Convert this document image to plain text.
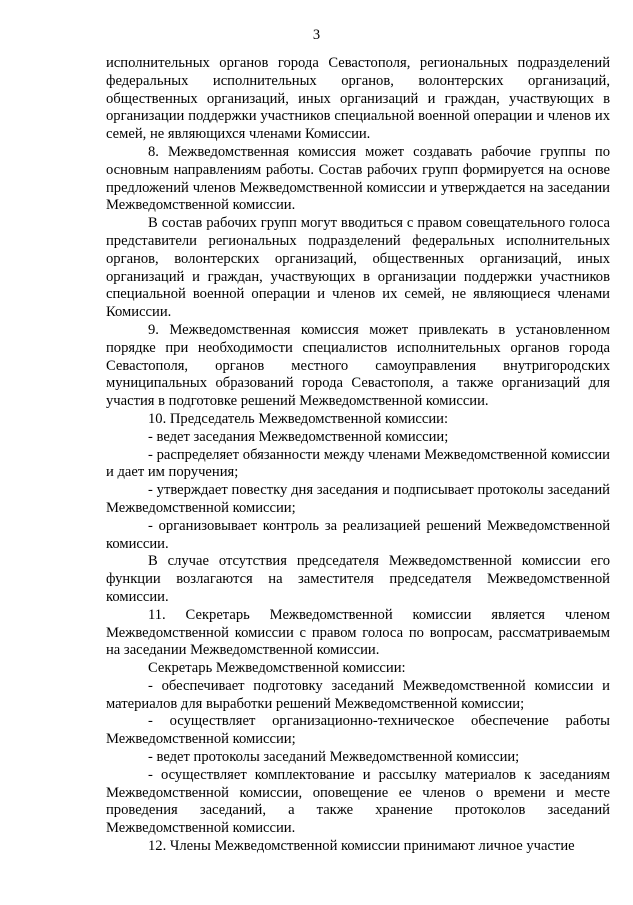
3

исполнительных органов города Севастополя, региональных подразделений федеральных исполнительных органов, волонтерских организаций, общественных организаций, иных организаций и граждан, участвующих в организации поддержки участников специальной военной операции и членов их семей, не являющихся членами Комиссии.

8. Межведомственная комиссия может создавать рабочие группы по основным направлениям работы. Состав рабочих групп формируется на основе предложений членов Межведомственной комиссии и утверждается на заседании Межведомственной комиссии.

В состав рабочих групп могут вводиться с правом совещательного голоса представители региональных подразделений федеральных исполнительных органов, волонтерских организаций, общественных организаций, иных организаций и граждан, участвующих в организации поддержки участников специальной военной операции и членов их семей, не являющиеся членами Комиссии.

9. Межведомственная комиссия может привлекать в установленном порядке при необходимости специалистов исполнительных органов города Севастополя, органов местного самоуправления внутригородских муниципальных образований города Севастополя, а также организаций для участия в подготовке решений Межведомственной комиссии.

10. Председатель Межведомственной комиссии:

- ведет заседания Межведомственной комиссии;

- распределяет обязанности между членами Межведомственной комиссии и дает им поручения;

- утверждает повестку дня заседания и подписывает протоколы заседаний Межведомственной комиссии;

- организовывает контроль за реализацией решений Межведомственной комиссии.

В случае отсутствия председателя Межведомственной комиссии его функции возлагаются на заместителя председателя Межведомственной комиссии.

11. Секретарь Межведомственной комиссии является членом Межведомственной комиссии с правом голоса по вопросам, рассматриваемым на заседании Межведомственной комиссии.

Секретарь Межведомственной комиссии:

- обеспечивает подготовку заседаний Межведомственной комиссии и материалов для выработки решений Межведомственной комиссии;

- осуществляет организационно-техническое обеспечение работы Межведомственной комиссии;

- ведет протоколы заседаний Межведомственной комиссии;

- осуществляет комплектование и рассылку материалов к заседаниям Межведомственной комиссии, оповещение ее членов о времени и месте проведения заседаний, а также хранение протоколов заседаний Межведомственной комиссии.

12. Члены Межведомственной комиссии принимают личное участие
